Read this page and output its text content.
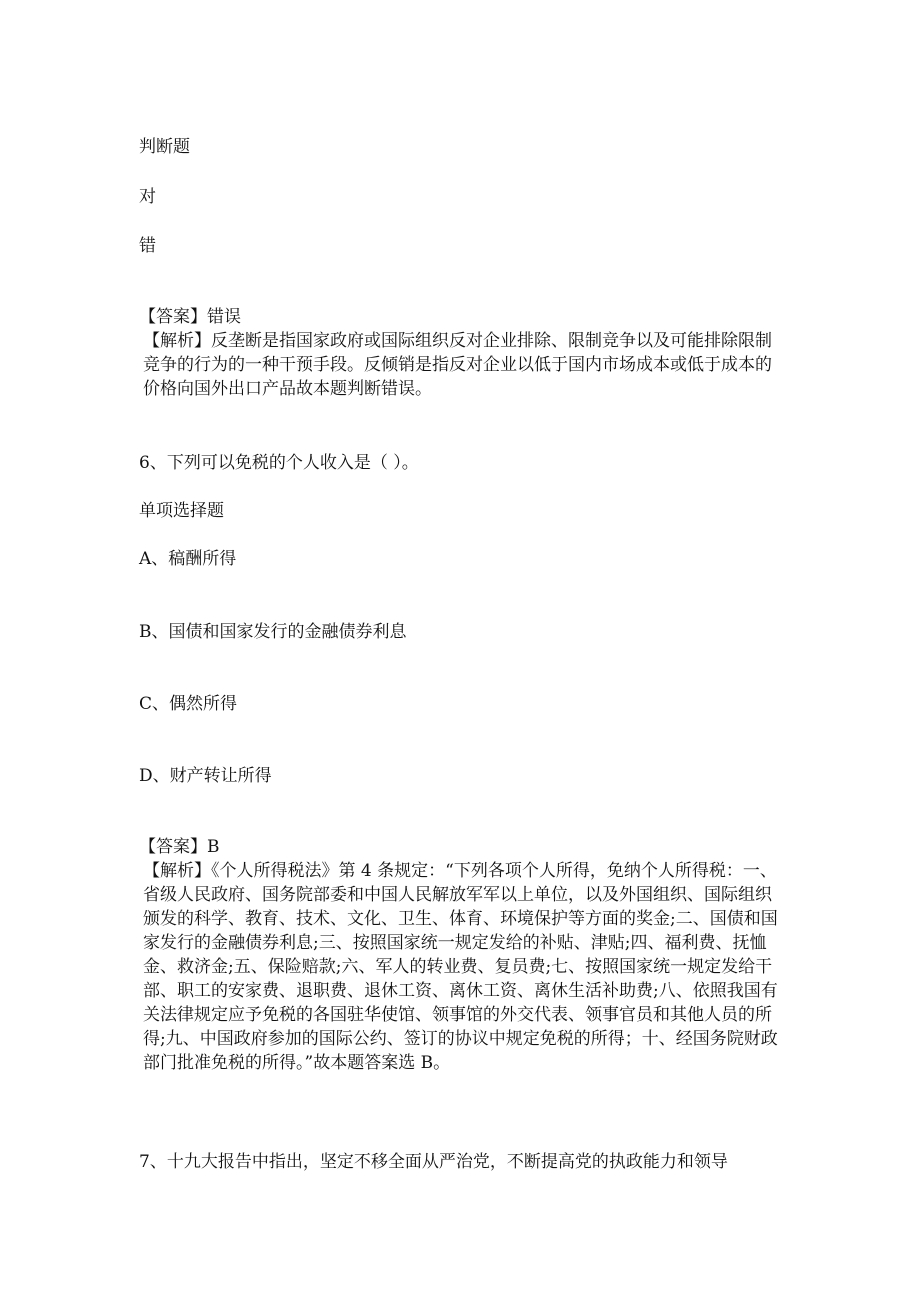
判断题
对
错

【答案】错误

【解析】反垄断是指国家政府或国际组织反对企业排除、限制竞争以及可能排除限制竞争的行为的一种干预手段。反倾销是指反对企业以低于国内市场成本或低于成本的价格向国外出口产品故本题判断错误。

6、下列可以免税的个人收入是（ ）。
单项选择题
A、稿酬所得
B、国债和国家发行的金融债券利息
C、偶然所得
D、财产转让所得

【答案】B

【解析】《个人所得税法》第 4 条规定：“下列各项个人所得，免纳个人所得税：一、省级人民政府、国务院部委和中国人民解放军军以上单位，以及外国组织、国际组织颁发的科学、教育、技术、文化、卫生、体育、环境保护等方面的奖金;二、国债和国家发行的金融债券利息;三、按照国家统一规定发给的补贴、津贴;四、福利费、抚恤金、救济金;五、保险赔款;六、军人的转业费、复员费;七、按照国家统一规定发给干部、职工的安家费、退职费、退休工资、离休工资、离休生活补助费;八、依照我国有关法律规定应予免税的各国驻华使馆、领事馆的外交代表、领事官员和其他人员的所得;九、中国政府参加的国际公约、签订的协议中规定免税的所得；十、经国务院财政部门批准免税的所得。”故本题答案选 B。

7、十九大报告中指出，坚定不移全面从严治党，不断提高党的执政能力和领导
